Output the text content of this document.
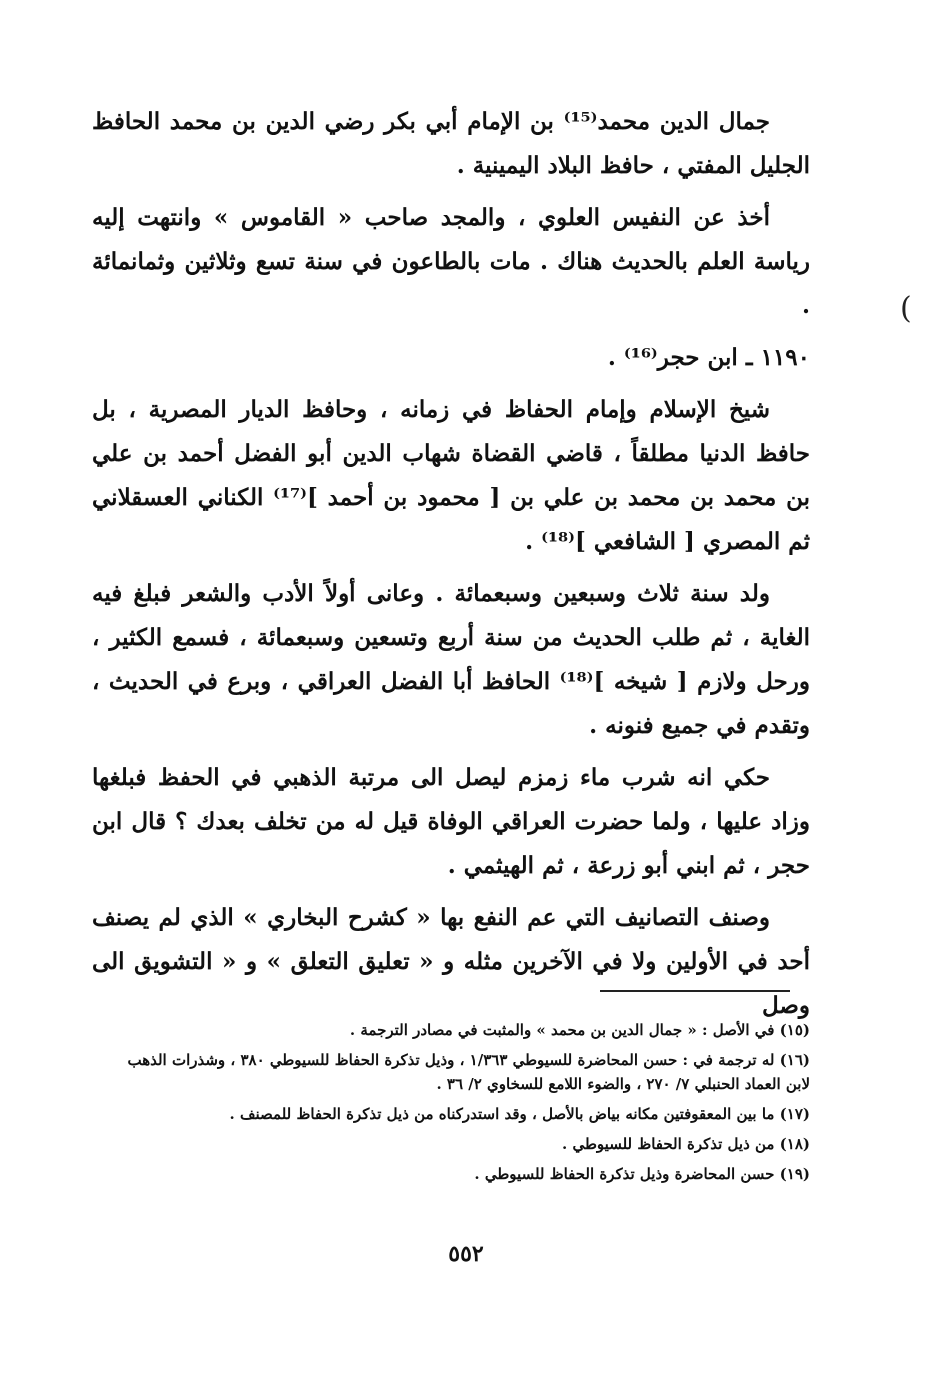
جمال الدين محمد⁽¹⁵⁾ بن الإمام أبي بكر رضي الدين بن محمد الحافظ الجليل المفتي ، حافظ البلاد اليمينية .

أخذ عن النفيس العلوي ، والمجد صاحب « القاموس » وانتهت إليه رياسة العلم بالحديث هناك . مات بالطاعون في سنة تسع وثلاثين وثمانمائة .

١١٩٠ ـ ابن حجر⁽¹⁶⁾ .

شيخ الإسلام وإمام الحفاظ في زمانه ، وحافظ الديار المصرية ، بل حافظ الدنيا مطلقاً ، قاضي القضاة شهاب الدين أبو الفضل أحمد بن علي بن محمد بن محمد بن علي بن [ محمود بن أحمد ]⁽¹⁷⁾ الكناني العسقلاني ثم المصري [ الشافعي ]⁽¹⁸⁾ .

ولد سنة ثلاث وسبعين وسبعمائة . وعانى أولاً الأدب والشعر فبلغ فيه الغاية ، ثم طلب الحديث من سنة أربع وتسعين وسبعمائة ، فسمع الكثير ، ورحل ولازم [ شيخه ]⁽¹⁸⁾ الحافظ أبا الفضل العراقي ، وبرع في الحديث ، وتقدم في جميع فنونه .

حكي انه شرب ماء زمزم ليصل الى مرتبة الذهبي في الحفظ فبلغها وزاد عليها ، ولما حضرت العراقي الوفاة قيل له من تخلف بعدك ؟ قال ابن حجر ، ثم ابني أبو زرعة ، ثم الهيثمي .

وصنف التصانيف التي عم النفع بها « كشرح البخاري » الذي لم يصنف أحد في الأولين ولا في الآخرين مثله و « تعليق التعلق » و « التشويق الى وصل

(

(١٥) في الأصل : « جمال الدين بن محمد » والمثبت في مصادر الترجمة .

(١٦) له ترجمة في : حسن المحاضرة للسيوطي ١/٣٦٣ ، وذيل تذكرة الحفاظ للسيوطي ٣٨٠ ، وشذرات الذهب لابن العماد الحنبلي ٧/ ٢٧٠ ، والضوء اللامع للسخاوي ٢/ ٣٦ .

(١٧) ما بين المعقوفتين مكانه بياض بالأصل ، وقد استدركناه من ذيل تذكرة الحفاظ للمصنف .

(١٨) من ذيل تذكرة الحفاظ للسيوطي .

(١٩) حسن المحاضرة وذيل تذكرة الحفاظ للسيوطي .

٥٥٢
